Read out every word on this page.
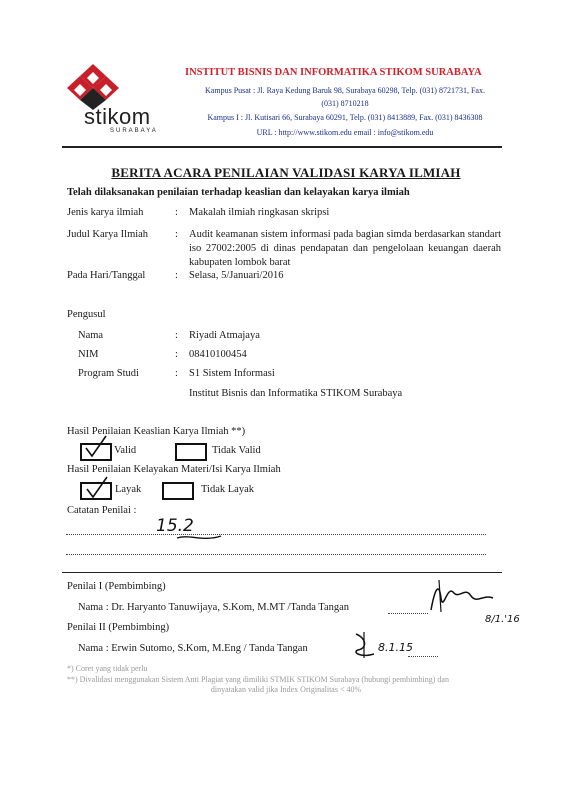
stikom
SURABAYA
INSTITUT BISNIS DAN INFORMATIKA STIKOM SURABAYA
Kampus Pusat : Jl. Raya Kedung Baruk 98, Surabaya 60298, Telp. (031) 8721731, Fax.
(031) 8710218
Kampus I : Jl. Kutisari 66, Surabaya 60291, Telp. (031) 8413889, Fax. (031) 8436308
URL : http://www.stikom.edu email : info@stikom.edu
BERITA ACARA PENILAIAN VALIDASI KARYA ILMIAH
Telah dilaksanakan penilaian terhadap keaslian dan kelayakan karya ilmiah
Jenis karya ilmiah	: Makalah ilmiah ringkasan skripsi
Judul Karya Ilmiah	: Audit keamanan sistem informasi pada bagian simda berdasarkan standart iso 27002:2005 di dinas pendapatan dan pengelolaan keuangan daerah kabupaten lombok barat
Pada Hari/Tanggal	: Selasa, 5/Januari/2016
Pengusul
Nama	: Riyadi Atmajaya
NIM	: 08410100454
Program Studi	: S1 Sistem Informasi
Institut Bisnis dan Informatika STIKOM Surabaya
Hasil Penilaian Keaslian Karya Ilmiah **)
Valid	Tidak Valid
Hasil Penilaian Kelayakan Materi/Isi Karya Ilmiah
Layak	Tidak Layak
Catatan Penilai :
15.2
Penilai I (Pembimbing)
Nama : Dr. Haryanto Tanuwijaya, S.Kom, M.MT /Tanda Tangan
8/1.'16
Penilai II (Pembimbing)
Nama : Erwin Sutomo, S.Kom, M.Eng / Tanda Tangan	8.1.15
*) Coret yang tidak perlu
**) Divalidasi menggunakan Sistem Anti Plagiat yang dimiliki STMIK STIKOM Surabaya (hubungi pembimbing) dan
dinyatakan valid jika Index Originalitas < 40%
